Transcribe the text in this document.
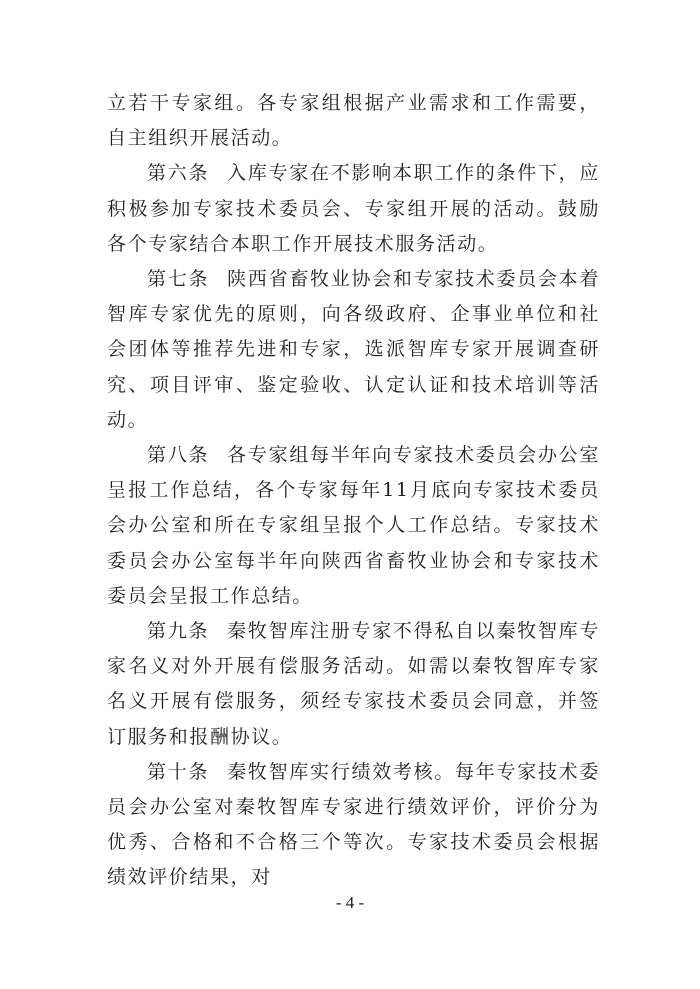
立若干专家组。各专家组根据产业需求和工作需要，自主组织开展活动。

第六条 入库专家在不影响本职工作的条件下，应积极参加专家技术委员会、专家组开展的活动。鼓励各个专家结合本职工作开展技术服务活动。

第七条 陕西省畜牧业协会和专家技术委员会本着智库专家优先的原则，向各级政府、企事业单位和社会团体等推荐先进和专家，选派智库专家开展调查研究、项目评审、鉴定验收、认定认证和技术培训等活动。

第八条 各专家组每半年向专家技术委员会办公室呈报工作总结，各个专家每年11月底向专家技术委员会办公室和所在专家组呈报个人工作总结。专家技术委员会办公室每半年向陕西省畜牧业协会和专家技术委员会呈报工作总结。

第九条 秦牧智库注册专家不得私自以秦牧智库专家名义对外开展有偿服务活动。如需以秦牧智库专家名义开展有偿服务，须经专家技术委员会同意，并签订服务和报酬协议。

第十条 秦牧智库实行绩效考核。每年专家技术委员会办公室对秦牧智库专家进行绩效评价，评价分为优秀、合格和不合格三个等次。专家技术委员会根据绩效评价结果，对

- 4 -
